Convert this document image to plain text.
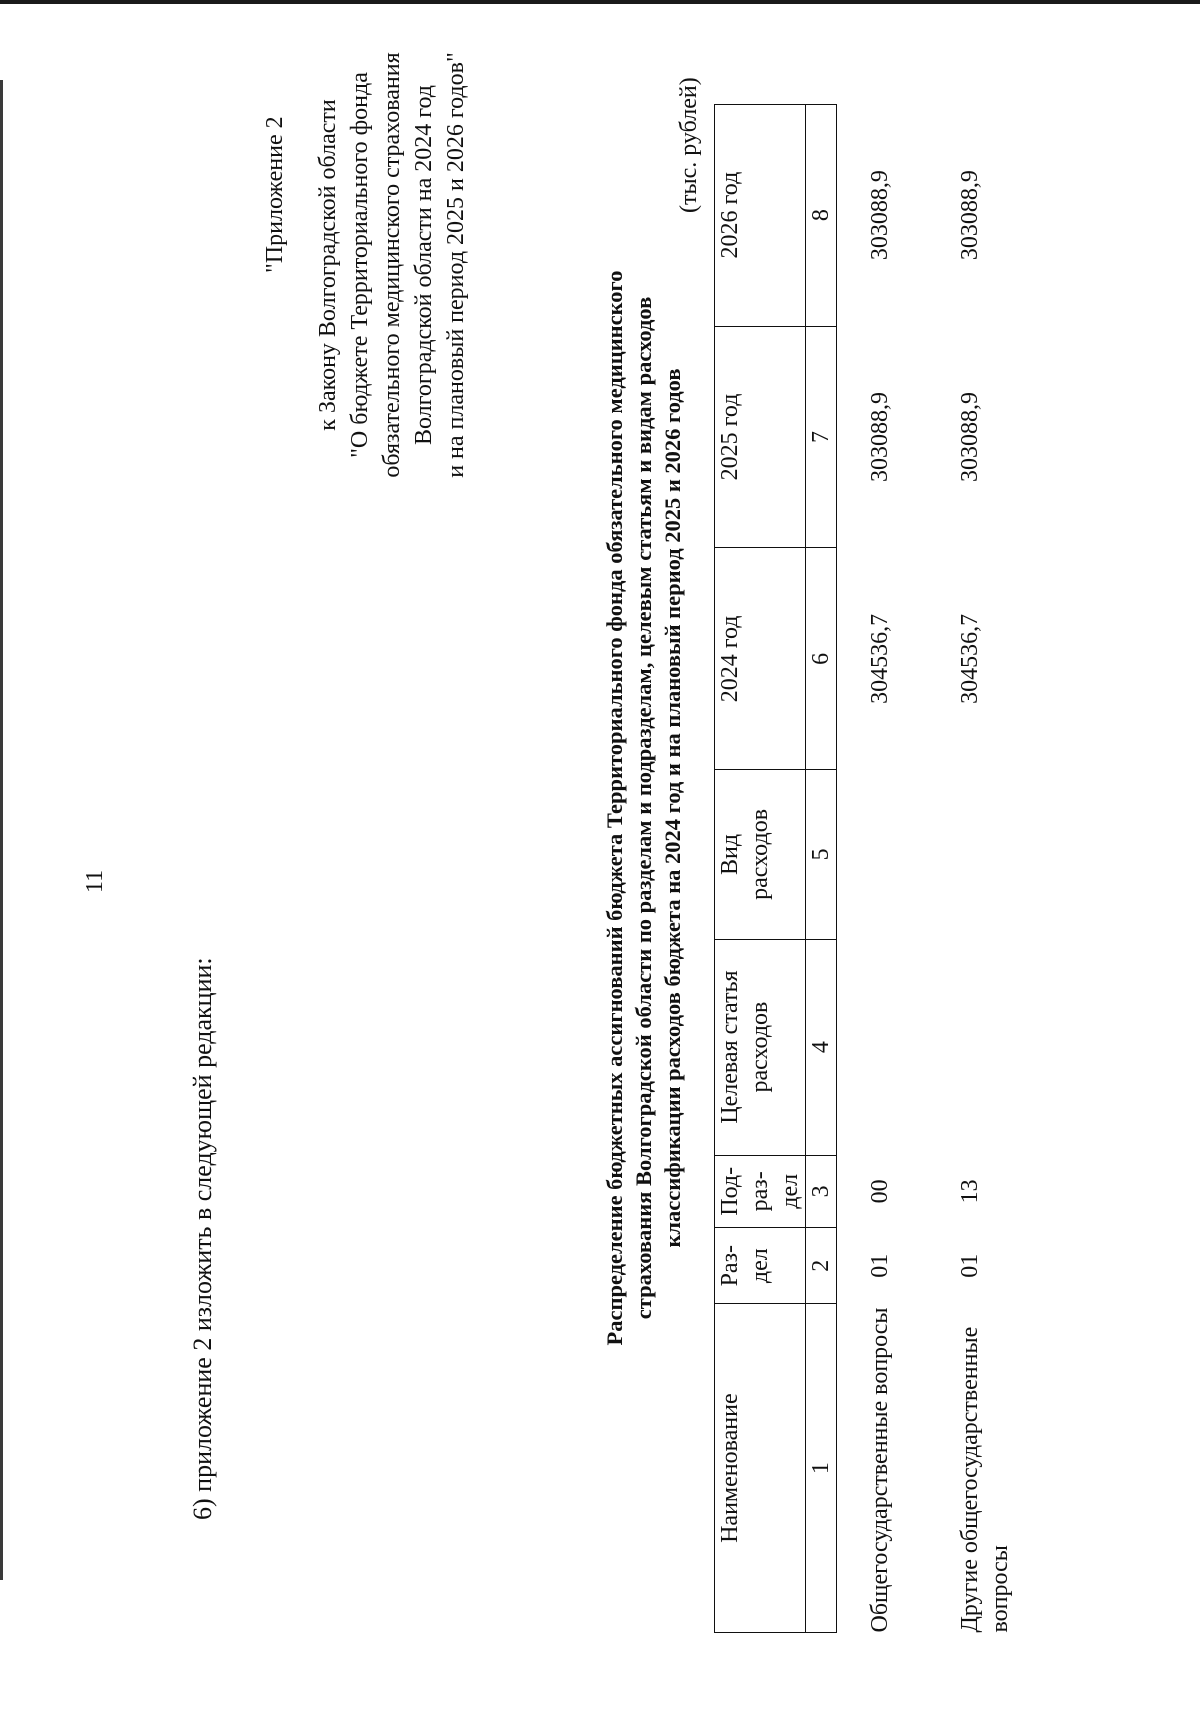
11
6) приложение 2 изложить в следующей редакции:
"Приложение 2 к Закону Волгоградской области "О бюджете Территориального фонда обязательного медицинского страхования Волгоградской области на 2024 год и на плановый период 2025 и 2026 годов"
Распределение бюджетных ассигнований бюджета Территориального фонда обязательного медицинского страхования Волгоградской области по разделам и подразделам, целевым статьям и видам расходов классификации расходов бюджета на 2024 год и на плановый период 2025 и 2026 годов
(тыс. рублей)
Наименование	Раз- дел	Под- раз- дел	Целевая статья расходов	Вид расходов	2024 год	2025 год	2026 год	
1	2	3	4	5	6	7	8	
Общегосударственные вопросы	01	00			304536,7	303088,9	303088,9	
Другие общегосударственные вопросы	01	13			304536,7	303088,9	303088,9	
